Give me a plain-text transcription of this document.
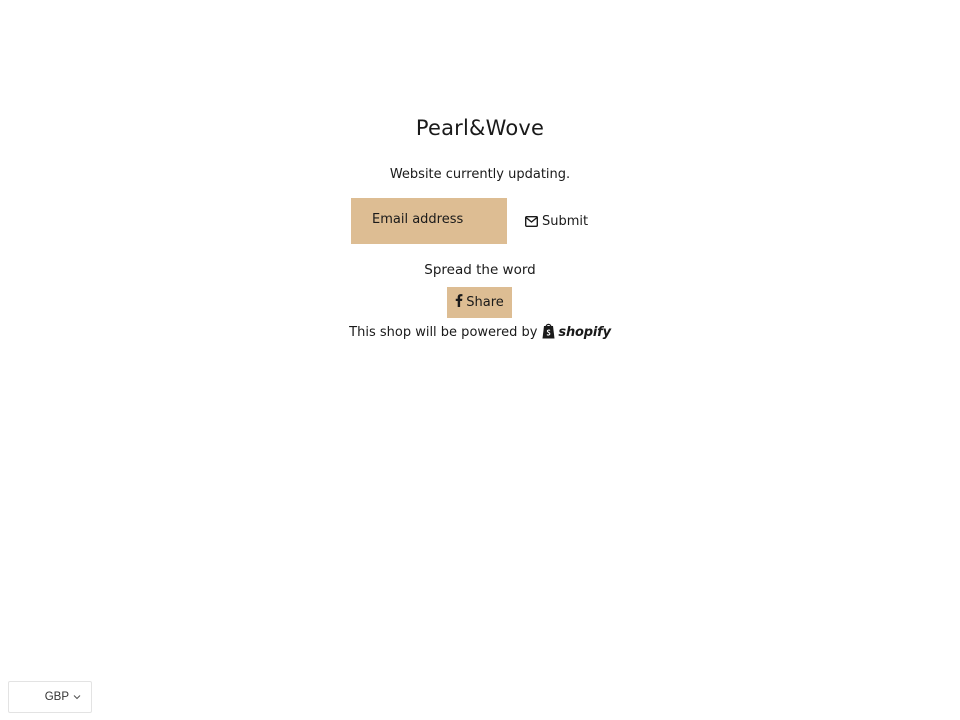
Pearl&Wove

Website currently updating.

Email address
Submit
Spread the word
Share
This shop will be powered by shopify
GBP
